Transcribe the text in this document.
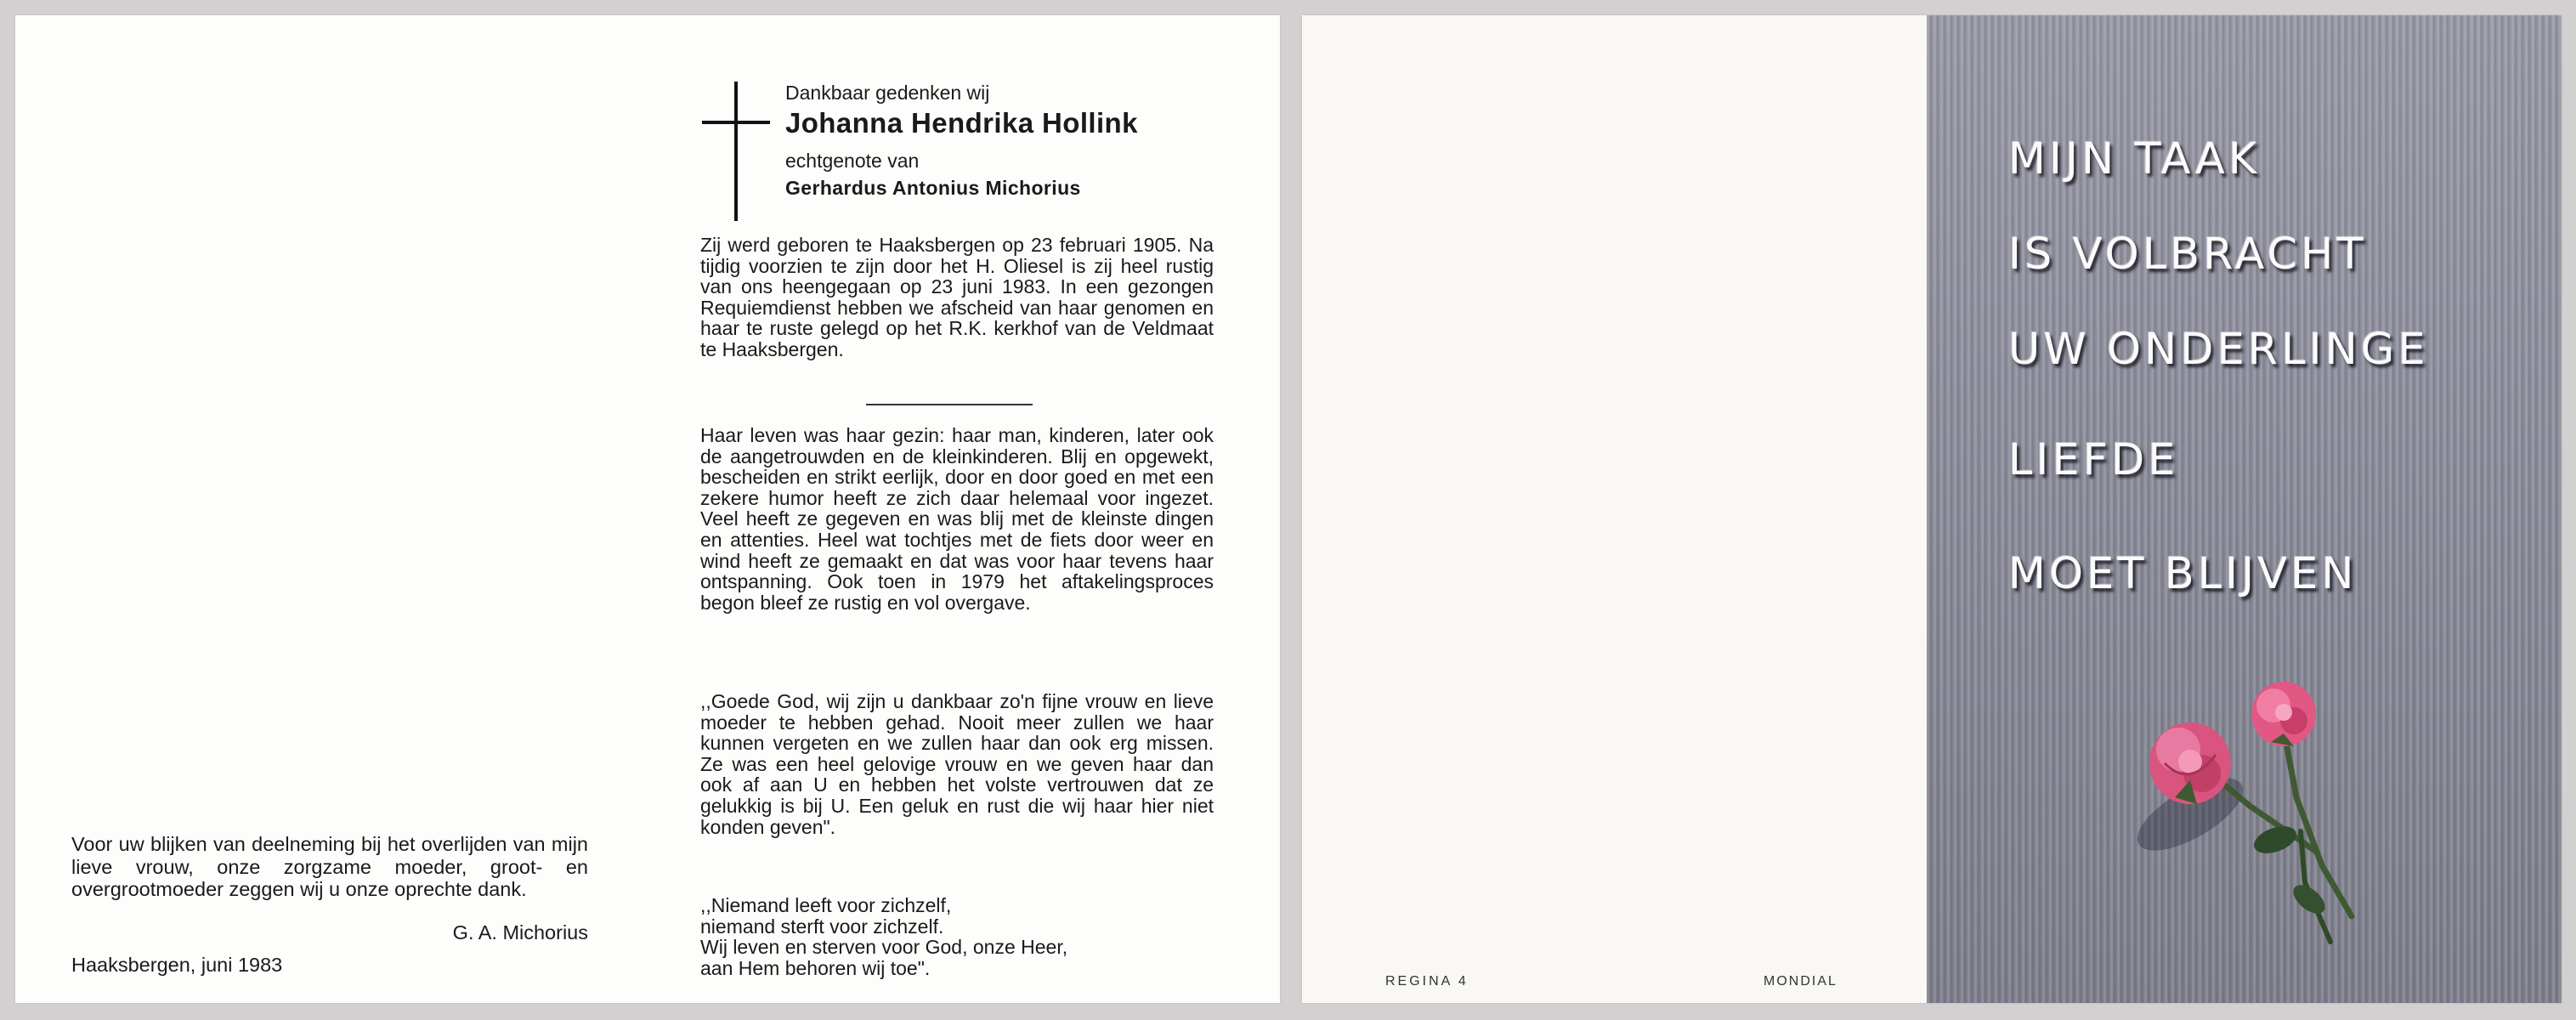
Voor uw blijken van deelneming bij het overlijden van mijn lieve vrouw, onze zorgzame moeder, groot- en overgrootmoeder zeggen wij u onze oprechte dank.
G. A. Michorius
Haaksbergen, juni 1983
Dankbaar gedenken wij
Johanna Hendrika Hollink
echtgenote van
Gerhardus Antonius Michorius
Zij werd geboren te Haaksbergen op 23 februari 1905. Na tijdig voorzien te zijn door het H. Oliesel is zij heel rustig van ons heengegaan op 23 juni 1983. In een gezongen Requiemdienst hebben we afscheid van haar genomen en haar te ruste gelegd op het R.K. kerkhof van de Veldmaat te Haaksbergen.
Haar leven was haar gezin: haar man, kinderen, later ook de aangetrouwden en de kleinkinderen. Blij en opgewekt, bescheiden en strikt eerlijk, door en door goed en met een zekere humor heeft ze zich daar helemaal voor ingezet. Veel heeft ze gegeven en was blij met de kleinste dingen en attenties. Heel wat tochtjes met de fiets door weer en wind heeft ze gemaakt en dat was voor haar tevens haar ontspanning. Ook toen in 1979 het aftakelingsproces begon bleef ze rustig en vol overgave.
,,Goede God, wij zijn u dankbaar zo'n fijne vrouw en lieve moeder te hebben gehad. Nooit meer zullen we haar kunnen vergeten en we zullen haar dan ook erg missen. Ze was een heel gelovige vrouw en we geven haar dan ook af aan U en hebben het volste vertrouwen dat ze gelukkig is bij U. Een geluk en rust die wij haar hier niet konden geven".
,,Niemand leeft voor zichzelf,
niemand sterft voor zichzelf.
Wij leven en sterven voor God, onze Heer,
aan Hem behoren wij toe".
REGINA 4	MONDIAL
MIJN TAAK
IS VOLBRACHT
UW ONDERLINGE
LIEFDE
MOET BLIJVEN
